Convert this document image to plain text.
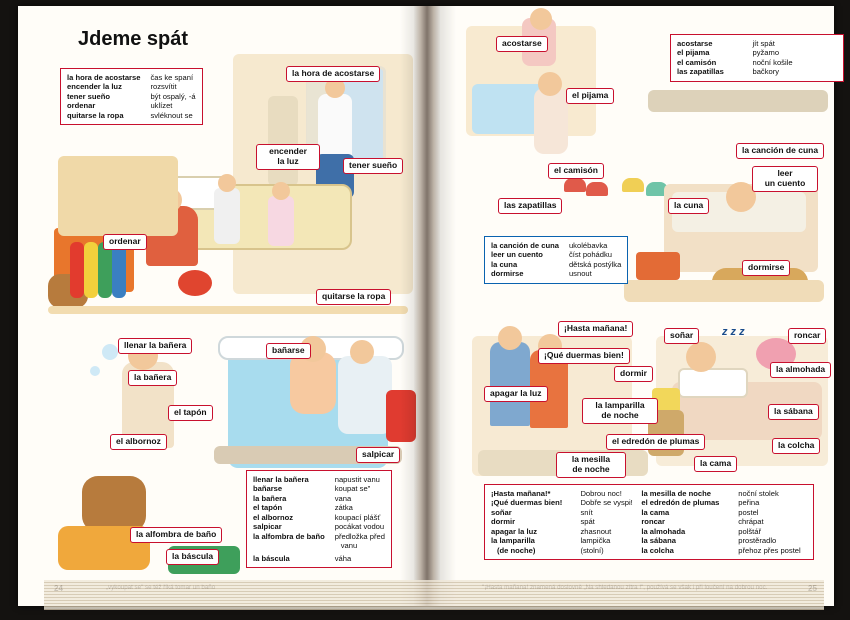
la hora de acostarse
encender
la luz	tener sueño
ordenar
quitarse la ropa
llenar la bañera	bañarse
la bañera
el tapón
el albornoz
salpicar
la alfombra de baño
la báscula
la hora de acostarse	čas ke spaní
encender la luz	rozsvítit
tener sueño	být ospalý, -á
ordenar	uklízet
quitarse la ropa	svléknout se
llenar la bañera	napustit vanu
bañarse	koupat se"
la bañera	vana
el tapón	zátka
el albornoz	koupací plášť
salpicar	pocákat vodou
la alfombra de baño	předložka před
	vanu
la báscula	váha
Jdeme spát
z z z
acostarse
el pijama
el camisón
las zapatillas	la cuna
la canción de cuna
leer
un cuento
dormirse
¡Hasta mañana!
¡Qué duermas bien!
soñar	roncar
dormir	la almohada
apagar la luz
la lamparilla
de noche	la sábana
el edredón de plumas	la colcha
la mesilla
de noche
la cama
acostarse	jít spát
el pijama	pyžamo
el camisón	noční košile
las zapatillas	bačkory
la canción de cuna	ukolébavka
leer un cuento	číst pohádku
la cuna	dětská postýlka
dormirse	usnout
¡Hasta mañana!*	Dobrou noc!	la mesilla de noche	noční stolek
¡Qué duermas bien!	Dobře se vyspi!	el edredón de plumas	peřina
soñar	snít	la cama	postel
dormir	spát	roncar	chrápat
apagar la luz	zhasnout	la almohada	polštář
la lamparilla	lampička	la sábana	prostěradlo
(de noche)	(stolní)	la colcha	přehoz přes postel
